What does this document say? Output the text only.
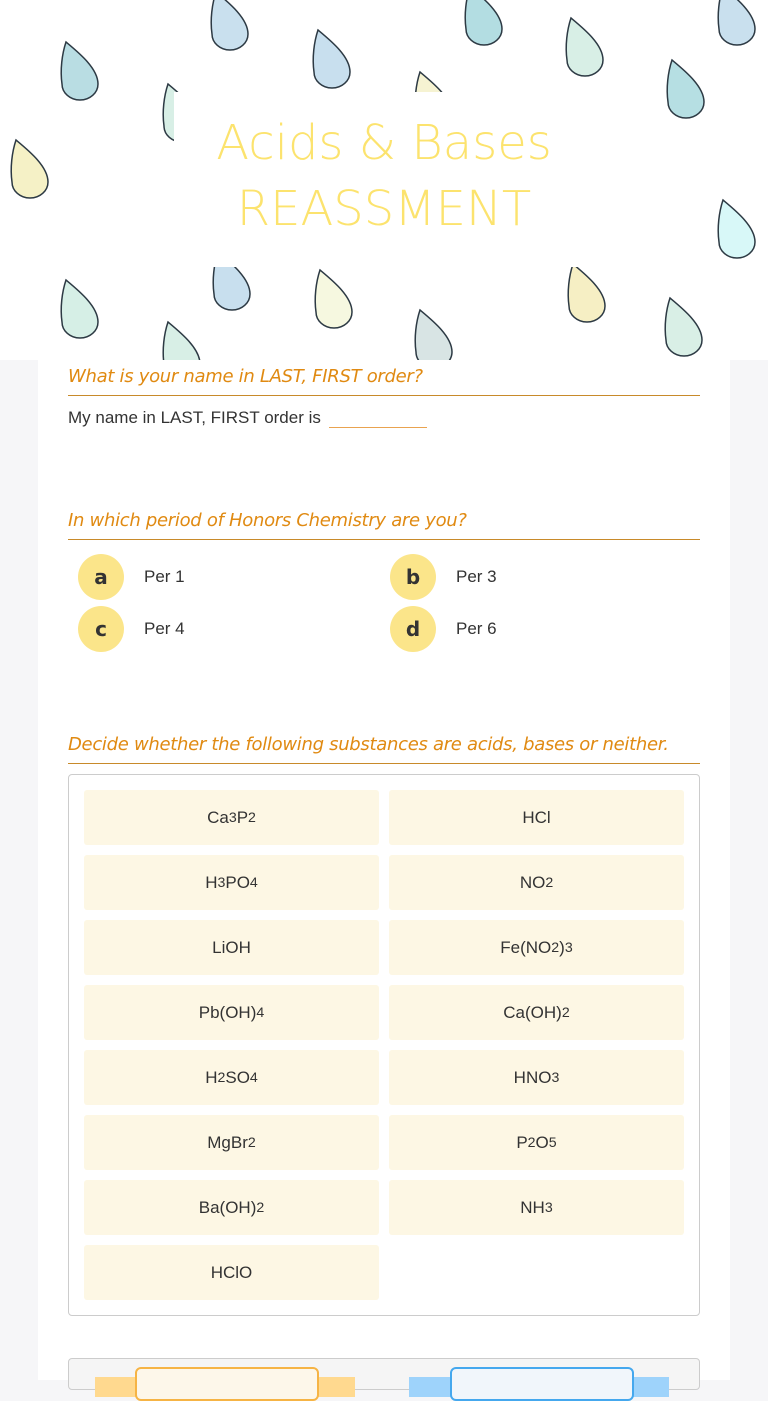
Acids & Bases
REASSMENT
What is your name in LAST, FIRST order?
My name in LAST, FIRST order is
In which period of Honors Chemistry are you?
a	Per 1	b	Per 3
c	Per 4	d	Per 6
Decide whether the following substances are acids, bases or neither.
Ca 3 P 2	HCl
H 3 PO 4	NO 2
LiOH	Fe(NO 2 ) 3
Pb(OH) 4	Ca(OH) 2
H 2 SO 4	HNO 3
MgBr 2	P 2 O 5
Ba(OH) 2	NH 3
HClO
